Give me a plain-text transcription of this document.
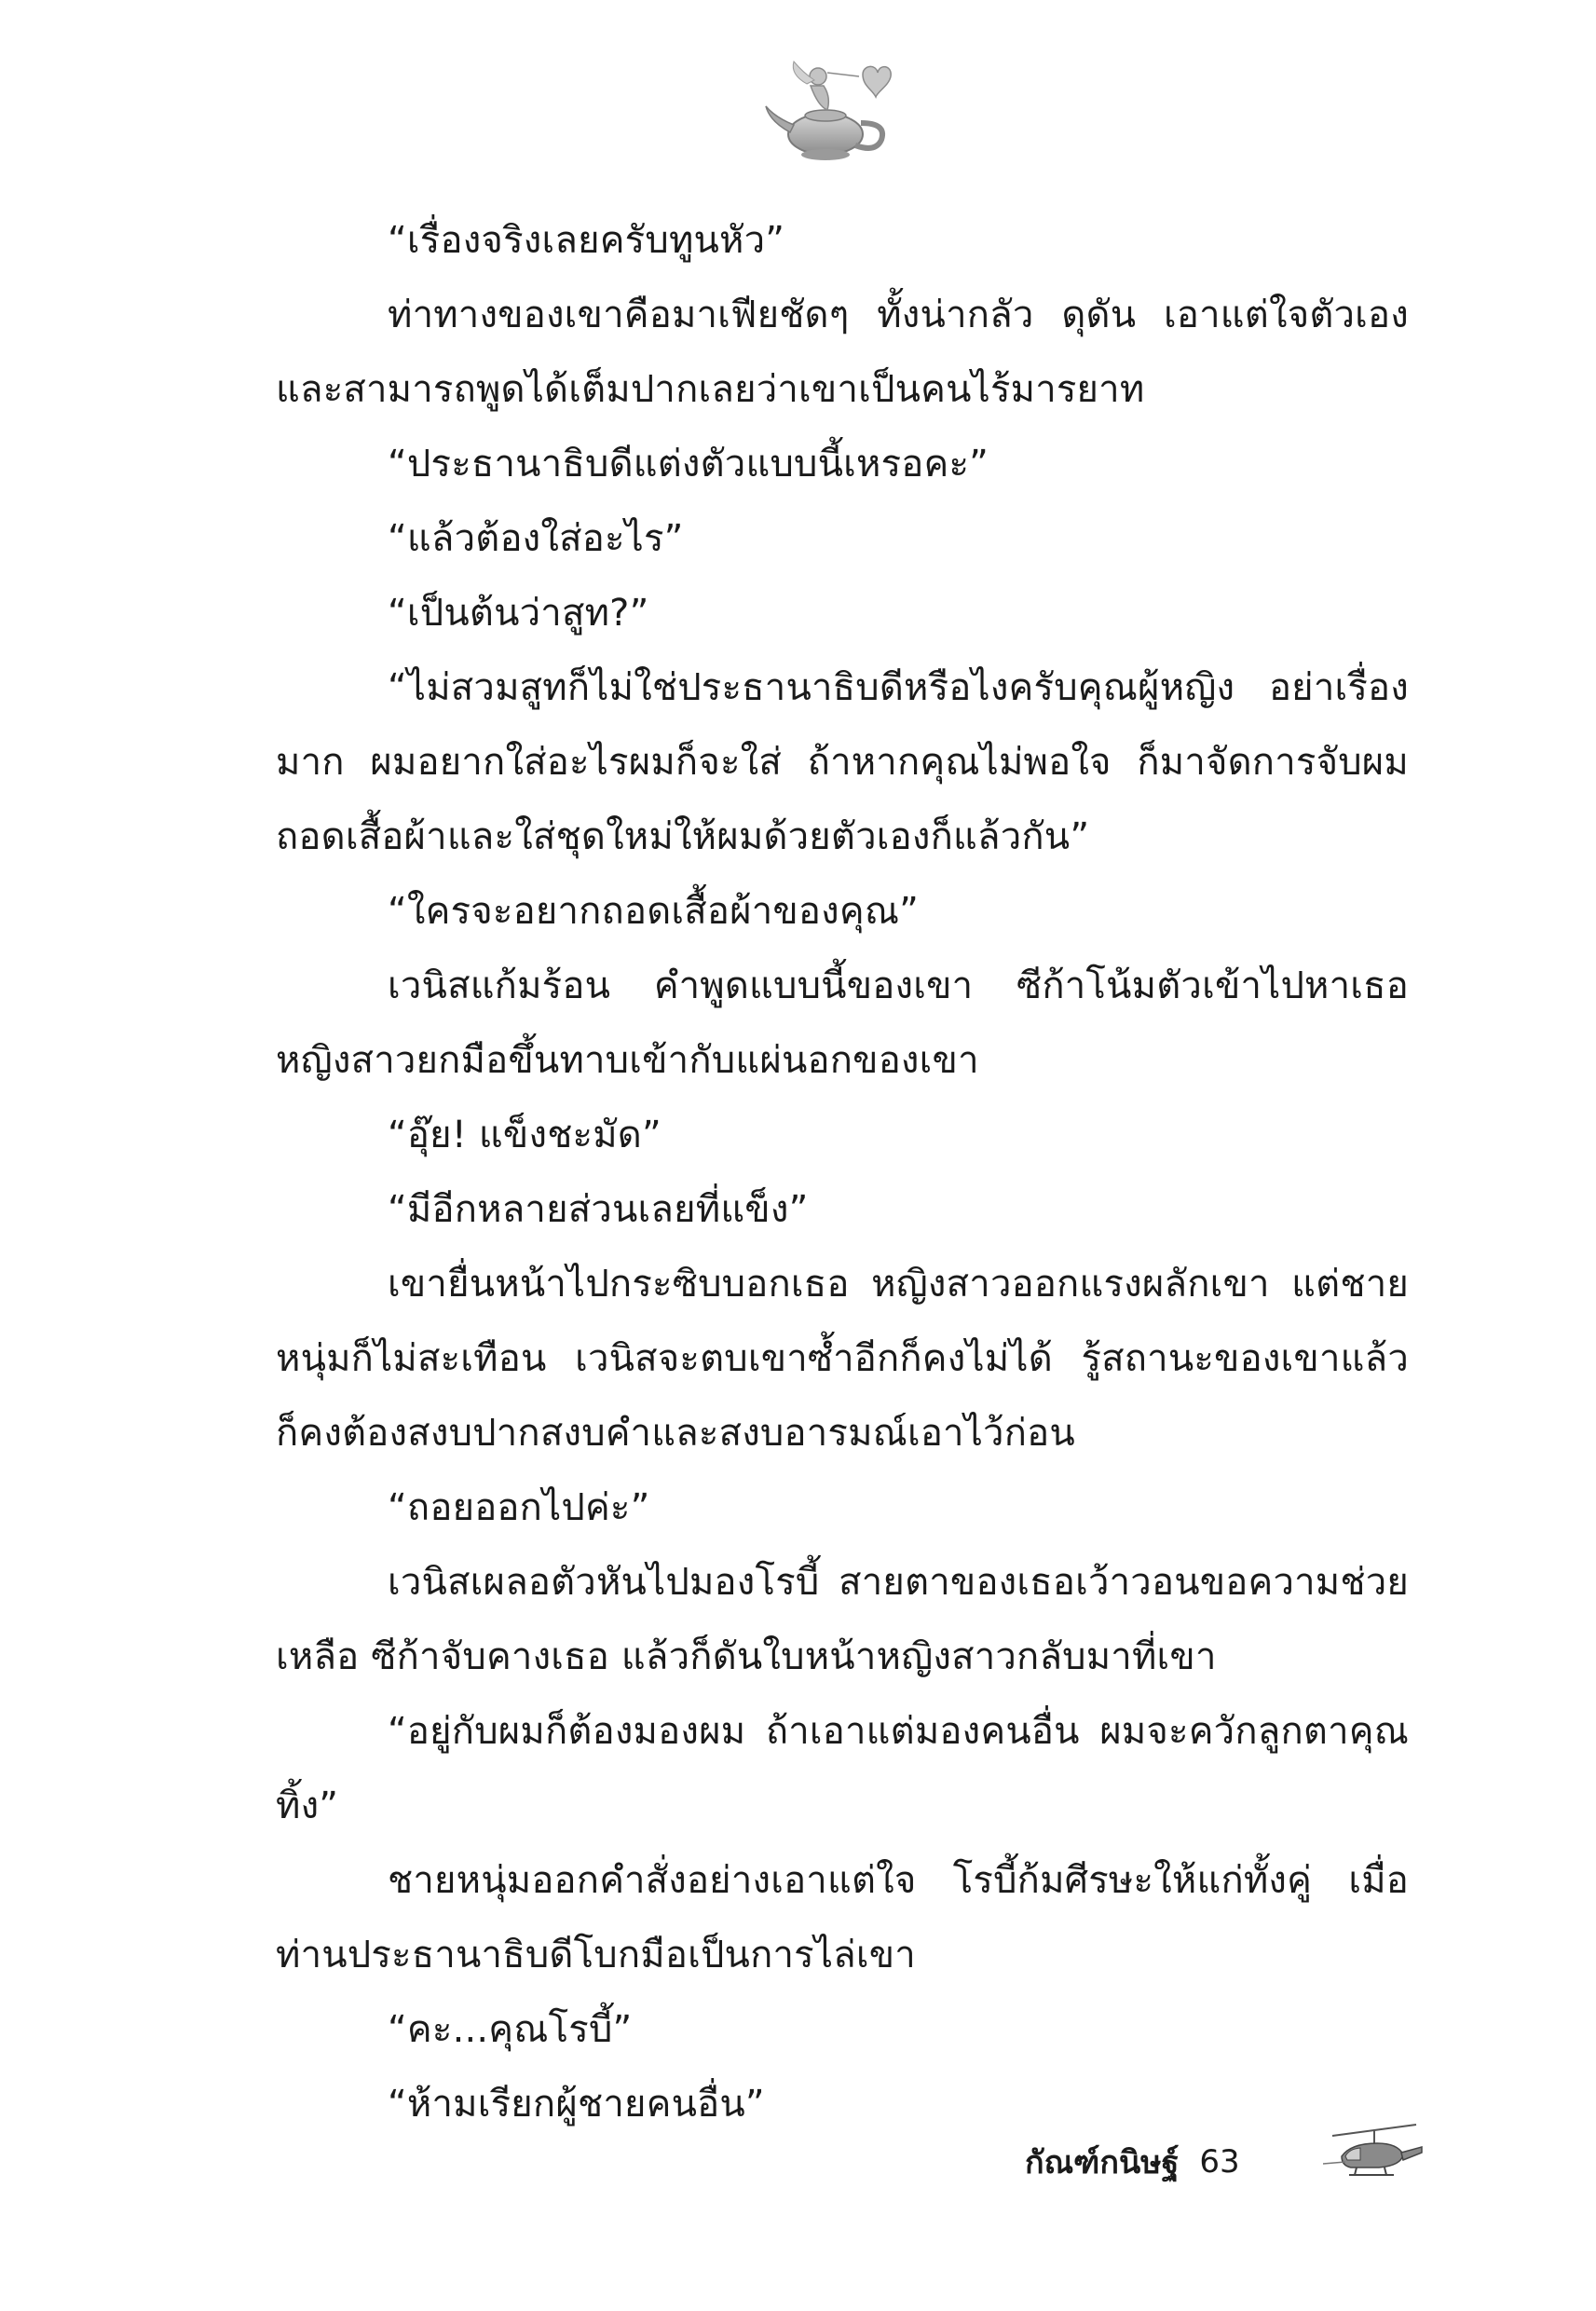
“เรื่องจริงเลยครับทูนหัว”

ท่าทางของเขาคือมาเฟียชัดๆ ทั้งน่ากลัว ดุดัน เอาแต่ใจตัวเอง และสามารถพูดได้เต็มปากเลยว่าเขาเป็นคนไร้มารยาท

“ประธานาธิบดีแต่งตัวแบบนี้เหรอคะ”

“แล้วต้องใส่อะไร”

“เป็นต้นว่าสูท?”

“ไม่สวมสูทก็ไม่ใช่ประธานาธิบดีหรือไงครับคุณผู้หญิง อย่าเรื่องมาก ผมอยากใส่อะไรผมก็จะใส่ ถ้าหากคุณไม่พอใจ ก็มาจัดการจับผมถอดเสื้อผ้าและใส่ชุดใหม่ให้ผมด้วยตัวเองก็แล้วกัน”

“ใครจะอยากถอดเสื้อผ้าของคุณ”

เวนิสแก้มร้อน คำพูดแบบนี้ของเขา ซีก้าโน้มตัวเข้าไปหาเธอ หญิงสาวยกมือขึ้นทาบเข้ากับแผ่นอกของเขา

“อุ๊ย! แข็งชะมัด”

“มีอีกหลายส่วนเลยที่แข็ง”

เขายื่นหน้าไปกระซิบบอกเธอ หญิงสาวออกแรงผลักเขา แต่ชายหนุ่มก็ไม่สะเทือน เวนิสจะตบเขาซ้ำอีกก็คงไม่ได้ รู้สถานะของเขาแล้ว ก็คงต้องสงบปากสงบคำและสงบอารมณ์เอาไว้ก่อน

“ถอยออกไปค่ะ”

เวนิสเผลอตัวหันไปมองโรบี้ สายตาของเธอเว้าวอนขอความช่วยเหลือ ซีก้าจับคางเธอ แล้วก็ดันใบหน้าหญิงสาวกลับมาที่เขา

“อยู่กับผมก็ต้องมองผม ถ้าเอาแต่มองคนอื่น ผมจะควักลูกตาคุณทิ้ง”

ชายหนุ่มออกคำสั่งอย่างเอาแต่ใจ โรบี้ก้มศีรษะให้แก่ทั้งคู่ เมื่อท่านประธานาธิบดีโบกมือเป็นการไล่เขา

“คะ...คุณโรบี้”

“ห้ามเรียกผู้ชายคนอื่น”

กัณฑ์กนิษฐ์ 63
